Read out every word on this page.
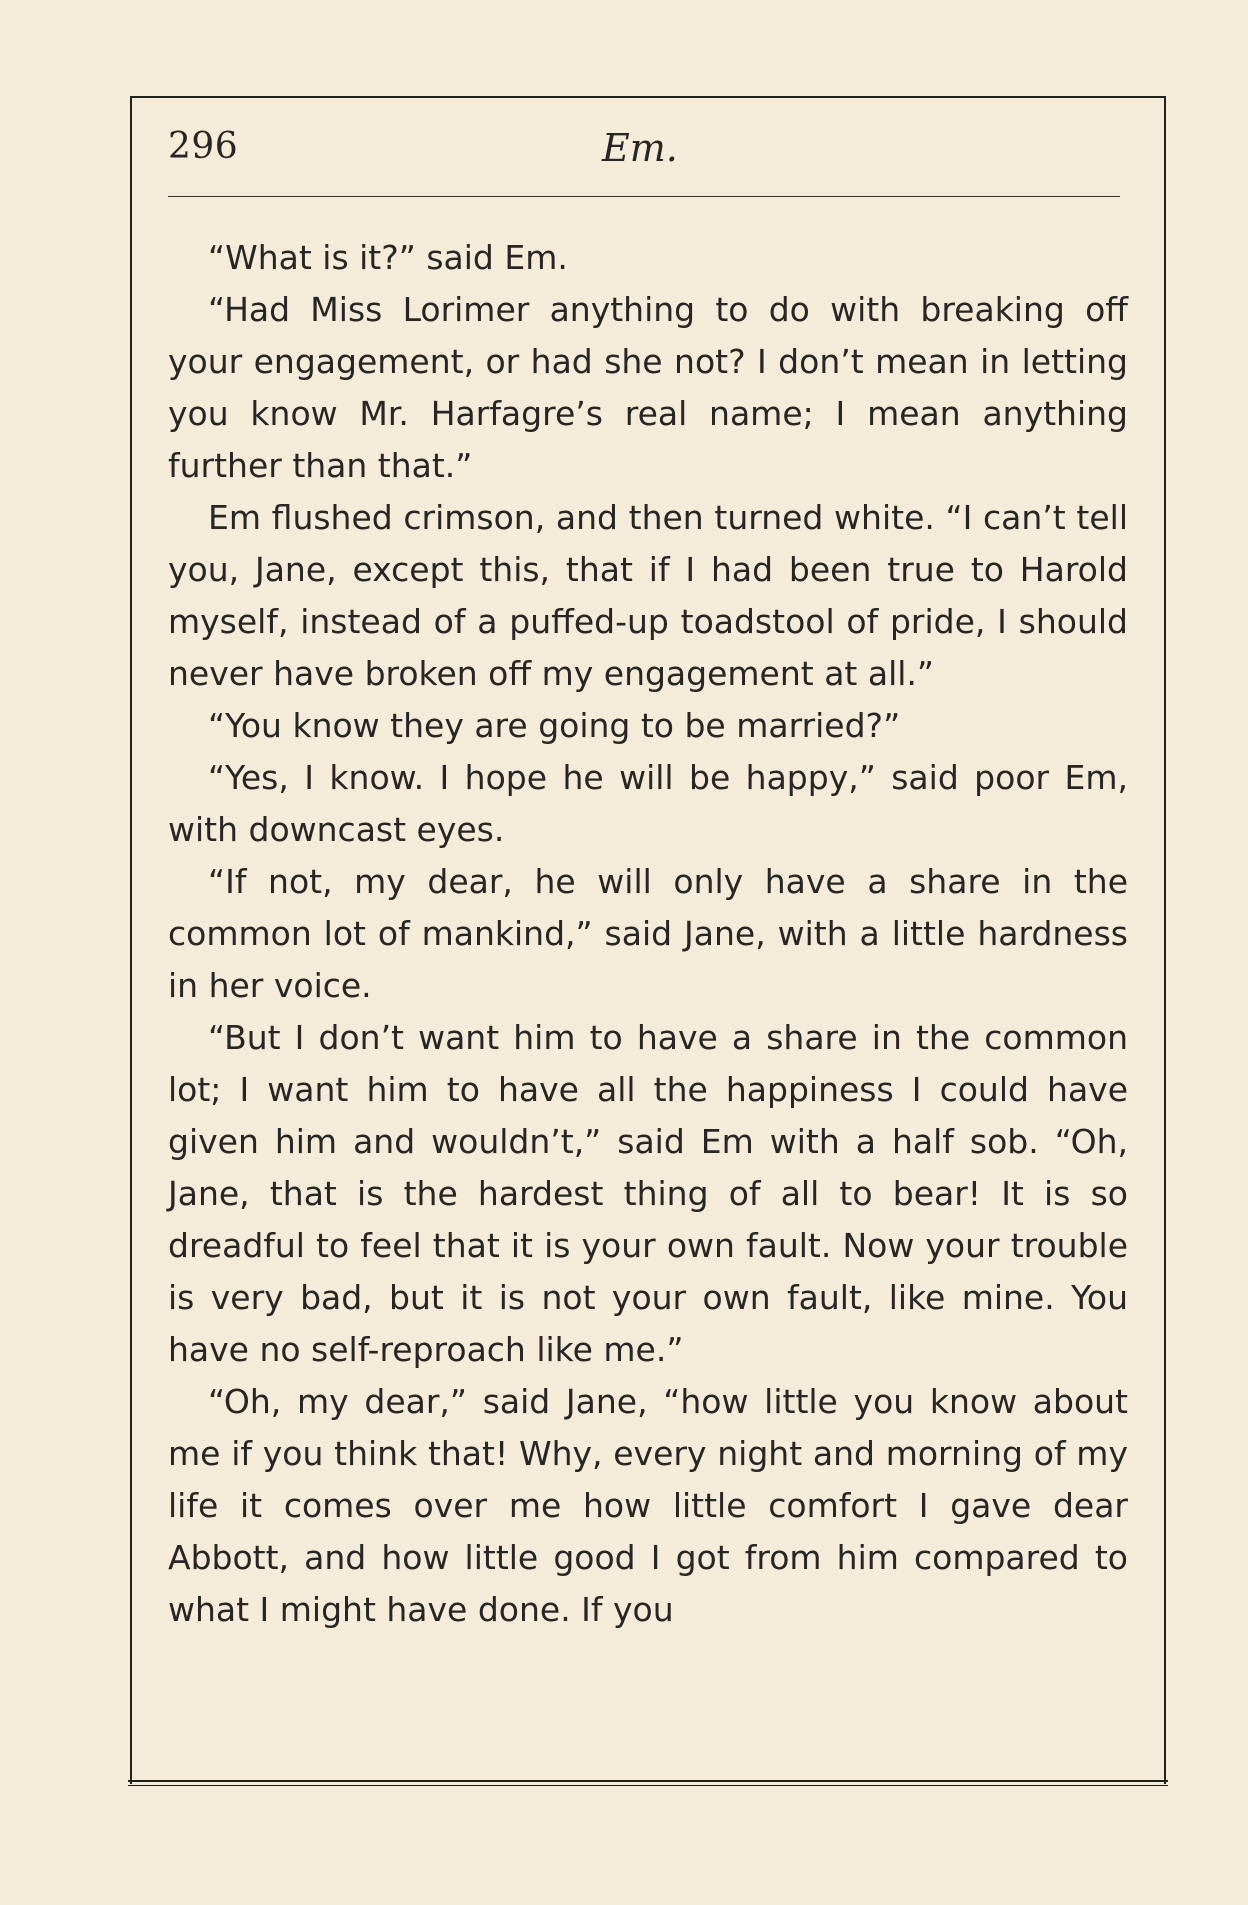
296	Em.

“What is it?” said Em.

“Had Miss Lorimer anything to do with breaking off your engagement, or had she not? I don’t mean in letting you know Mr. Harfagre’s real name; I mean anything further than that.”

Em flushed crimson, and then turned white. “I can’t tell you, Jane, except this, that if I had been true to Harold myself, instead of a puffed-up toadstool of pride, I should never have broken off my engagement at all.”

“You know they are going to be married?”

“Yes, I know. I hope he will be happy,” said poor Em, with downcast eyes.

“If not, my dear, he will only have a share in the common lot of mankind,” said Jane, with a little hardness in her voice.

“But I don’t want him to have a share in the common lot; I want him to have all the happiness I could have given him and wouldn’t,” said Em with a half sob. “Oh, Jane, that is the hardest thing of all to bear! It is so dreadful to feel that it is your own fault. Now your trouble is very bad, but it is not your own fault, like mine. You have no self-reproach like me.”

“Oh, my dear,” said Jane, “how little you know about me if you think that! Why, every night and morning of my life it comes over me how little comfort I gave dear Abbott, and how little good I got from him compared to what I might have done. If you
